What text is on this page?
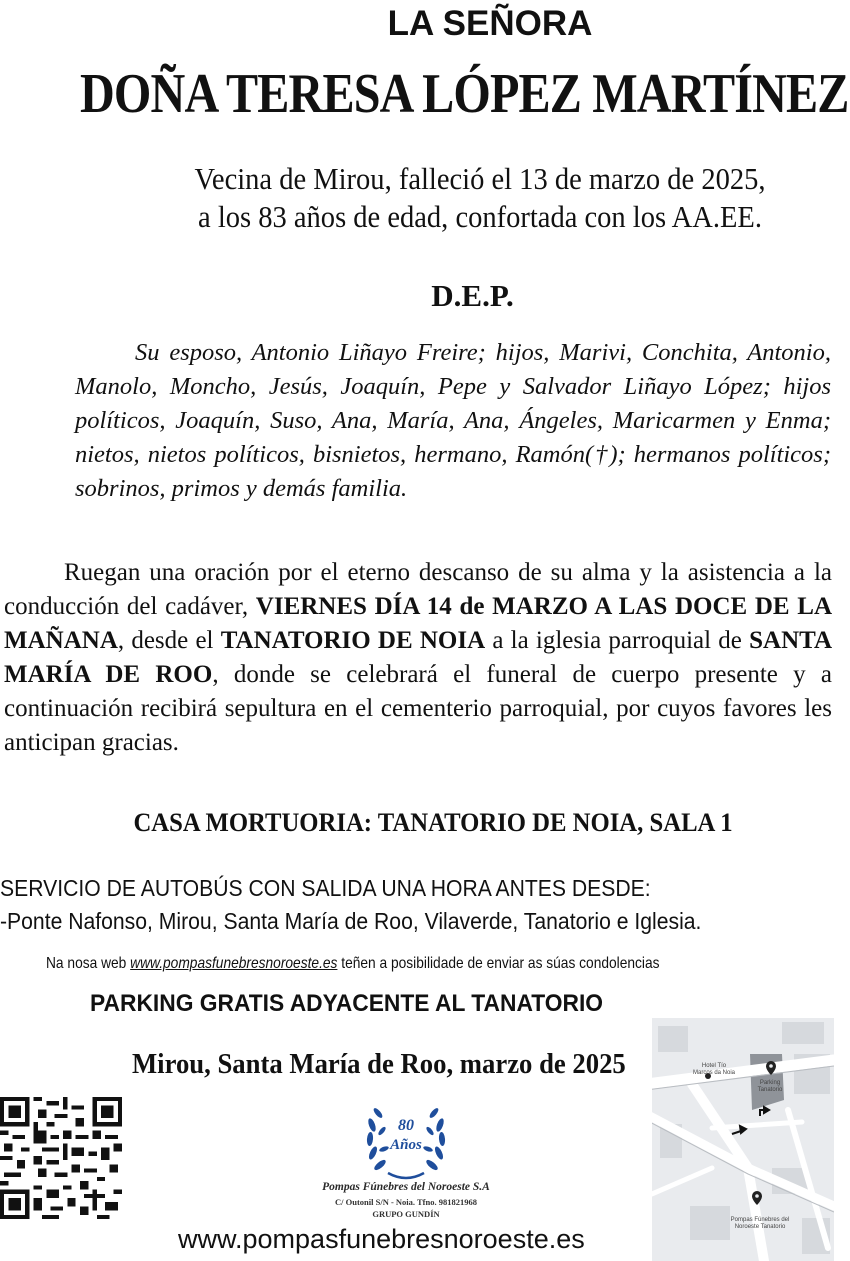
LA SEÑORA
DOÑA TERESA LÓPEZ MARTÍNEZ
Vecina de Mirou, falleció el 13 de marzo de 2025,
a los 83 años de edad, confortada con los AA.EE.
D.E.P.
Su esposo, Antonio Liñayo Freire; hijos, Marivi, Conchita, Antonio, Manolo, Moncho, Jesús, Joaquín, Pepe y Salvador Liñayo López; hijos políticos, Joaquín, Suso, Ana, María, Ana, Ángeles, Maricarmen y Enma; nietos, nietos políticos, bisnietos, hermano, Ramón(†); hermanos políticos; sobrinos, primos y demás familia.
Ruegan una oración por el eterno descanso de su alma y la asistencia a la conducción del cadáver, VIERNES DÍA 14 de MARZO A LAS DOCE DE LA MAÑANA, desde el TANATORIO DE NOIA a la iglesia parroquial de SANTA MARÍA DE ROO, donde se celebrará el funeral de cuerpo presente y a continuación recibirá sepultura en el cementerio parroquial, por cuyos favores les anticipan gracias.
CASA MORTUORIA: TANATORIO DE NOIA, SALA 1
SERVICIO DE AUTOBÚS CON SALIDA UNA HORA ANTES DESDE:
-Ponte Nafonso, Mirou, Santa María de Roo, Vilaverde, Tanatorio e Iglesia.
Na nosa web www.pompasfunebresnoroeste.es teñen a posibilidade de enviar as súas condolencias
PARKING GRATIS ADYACENTE AL TANATORIO
Mirou, Santa María de Roo, marzo de 2025
80
Años
Pompas Fúnebres del Noroeste S.A
C/ Outonil S/N - Noia. Tfno. 981821968
GRUPO GUNDÍN
Hotel Tío Marcos da Noia
Parking Tanatorio
Pompas Fúnebres del Noroeste Tanatorio
www.pompasfunebresnoroeste.es
